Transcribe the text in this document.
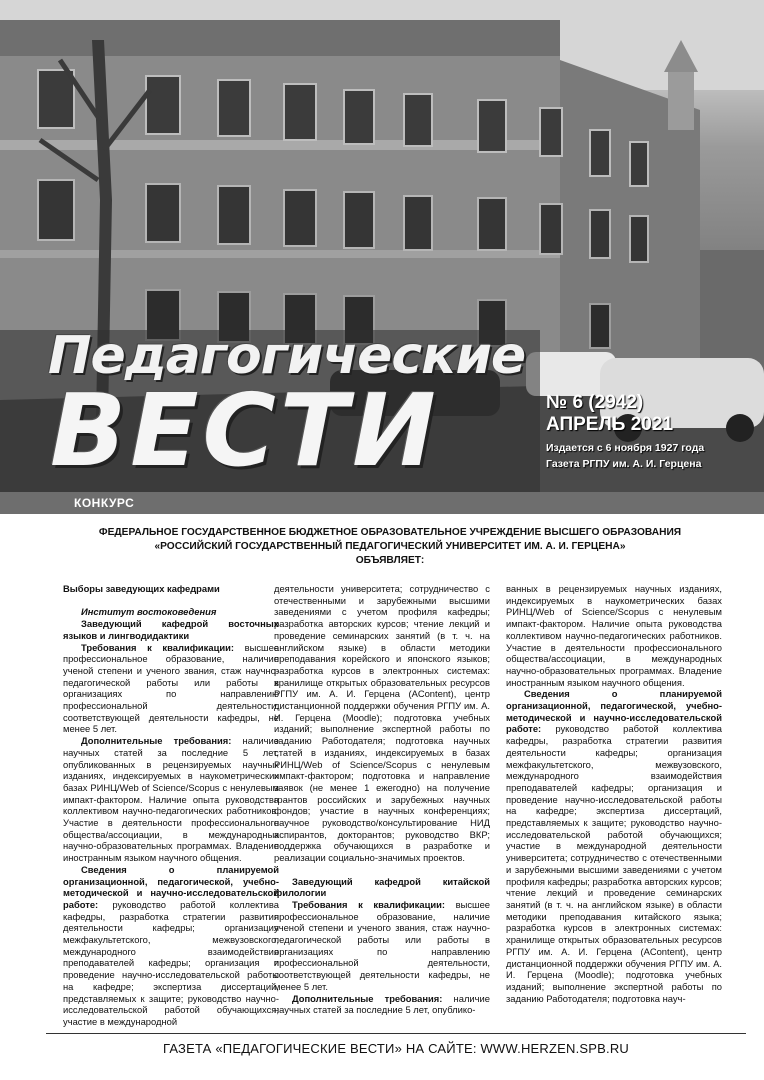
Педагогические
ВЕСТИ	№ 6 (2942)
АПРЕЛЬ 2021
Издается с 6 ноября 1927 года
Газета РГПУ им. А. И. Герцена
КОНКУРС
ФЕДЕРАЛЬНОЕ ГОСУДАРСТВЕННОЕ БЮДЖЕТНОЕ ОБРАЗОВАТЕЛЬНОЕ УЧРЕЖДЕНИЕ ВЫСШЕГО ОБРАЗОВАНИЯ
«РОССИЙСКИЙ ГОСУДАРСТВЕННЫЙ ПЕДАГОГИЧЕСКИЙ УНИВЕРСИТЕТ ИМ. А. И. ГЕРЦЕНА»
ОБЪЯВЛЯЕТ:

Выборы заведующих кафедрами

Институт востоковедения

Заведующий кафедрой восточных языков и лингводидактики

Требования к квалификации: высшее профессиональное образование, наличие ученой степени и ученого звания, стаж научно-педагогической работы или работы в организациях по направлению профессиональной деятельности, соответствующей деятельности кафедры, не менее 5 лет.

Дополнительные требования: наличие научных статей за последние 5 лет, опубликованных в рецензируемых научных изданиях, индексируемых в наукометрических базах РИНЦ/Web of Science/Scopus с ненулевым импакт-фактором. Наличие опыта руководства коллективом научно-педагогических работников. Участие в деятельности профессионального общества/ассоциации, в международных научно-образовательных программах. Владение иностранным языком научного общения.

Сведения о планируемой организационной, педагогической, учебно-методической и научно-исследовательской работе: руководство работой коллектива кафедры, разработка стратегии развития деятельности кафедры; организация межфакультетского, межвузовского, международного взаимодействия преподавателей кафедры; организация и проведение научно-исследовательской работы на кафедре; экспертиза диссертаций, представляемых к защите; руководство научно-исследовательской работой обучающихся; участие в международной

деятельности университета; сотрудничество с отечественными и зарубежными высшими заведениями с учетом профиля кафедры; разработка авторских курсов; чтение лекций и проведение семинарских занятий (в т. ч. на английском языке) в области методики преподавания корейского и японского языков; разработка курсов в электронных системах: хранилище открытых образовательных ресурсов РГПУ им. А. И. Герцена (AContent), центр дистанционной поддержки обучения РГПУ им. А. И. Герцена (Moodle); подготовка учебных изданий; выполнение экспертной работы по заданию Работодателя; подготовка научных статей в изданиях, индексируемых в базах РИНЦ/Web of Science/Scopus с ненулевым импакт-фактором; подготовка и направление заявок (не менее 1 ежегодно) на получение грантов российских и зарубежных научных фондов; участие в научных конференциях; научное руководство/консультирование НИД аспирантов, докторантов; руководство ВКР; поддержка обучающихся в разработке и реализации социально-значимых проектов.

Заведующий кафедрой китайской филологии

Требования к квалификации: высшее профессиональное образование, наличие ученой степени и ученого звания, стаж научно-педагогической работы или работы в организациях по направлению профессиональной деятельности, соответствующей деятельности кафедры, не менее 5 лет.

Дополнительные требования: наличие научных статей за последние 5 лет, опублико-

ванных в рецензируемых научных изданиях, индексируемых в наукометрических базах РИНЦ/Web of Science/Scopus с ненулевым импакт-фактором. Наличие опыта руководства коллективом научно-педагогических работников. Участие в деятельности профессионального общества/ассоциации, в международных научно-образовательных программах. Владение иностранным языком научного общения.

Сведения о планируемой организационной, педагогической, учебно-методической и научно-исследовательской работе: руководство работой коллектива кафедры, разработка стратегии развития деятельности кафедры; организация межфакультетского, межвузовского, международного взаимодействия преподавателей кафедры; организация и проведение научно-исследовательской работы на кафедре; экспертиза диссертаций, представляемых к защите; руководство научно-исследовательской работой обучающихся; участие в международной деятельности университета; сотрудничество с отечественными и зарубежными высшими заведениями с учетом профиля кафедры; разработка авторских курсов; чтение лекций и проведение семинарских занятий (в т. ч. на английском языке) в области методики преподавания китайского языка; разработка курсов в электронных системах: хранилище открытых образовательных ресурсов РГПУ им. А. И. Герцена (AContent), центр дистанционной поддержки обучения РГПУ им. А. И. Герцена (Moodle); подготовка учебных изданий; выполнение экспертной работы по заданию Работодателя; подготовка науч-

ГАЗЕТА «ПЕДАГОГИЧЕСКИЕ ВЕСТИ» НА САЙТЕ: WWW.HERZEN.SPB.RU
